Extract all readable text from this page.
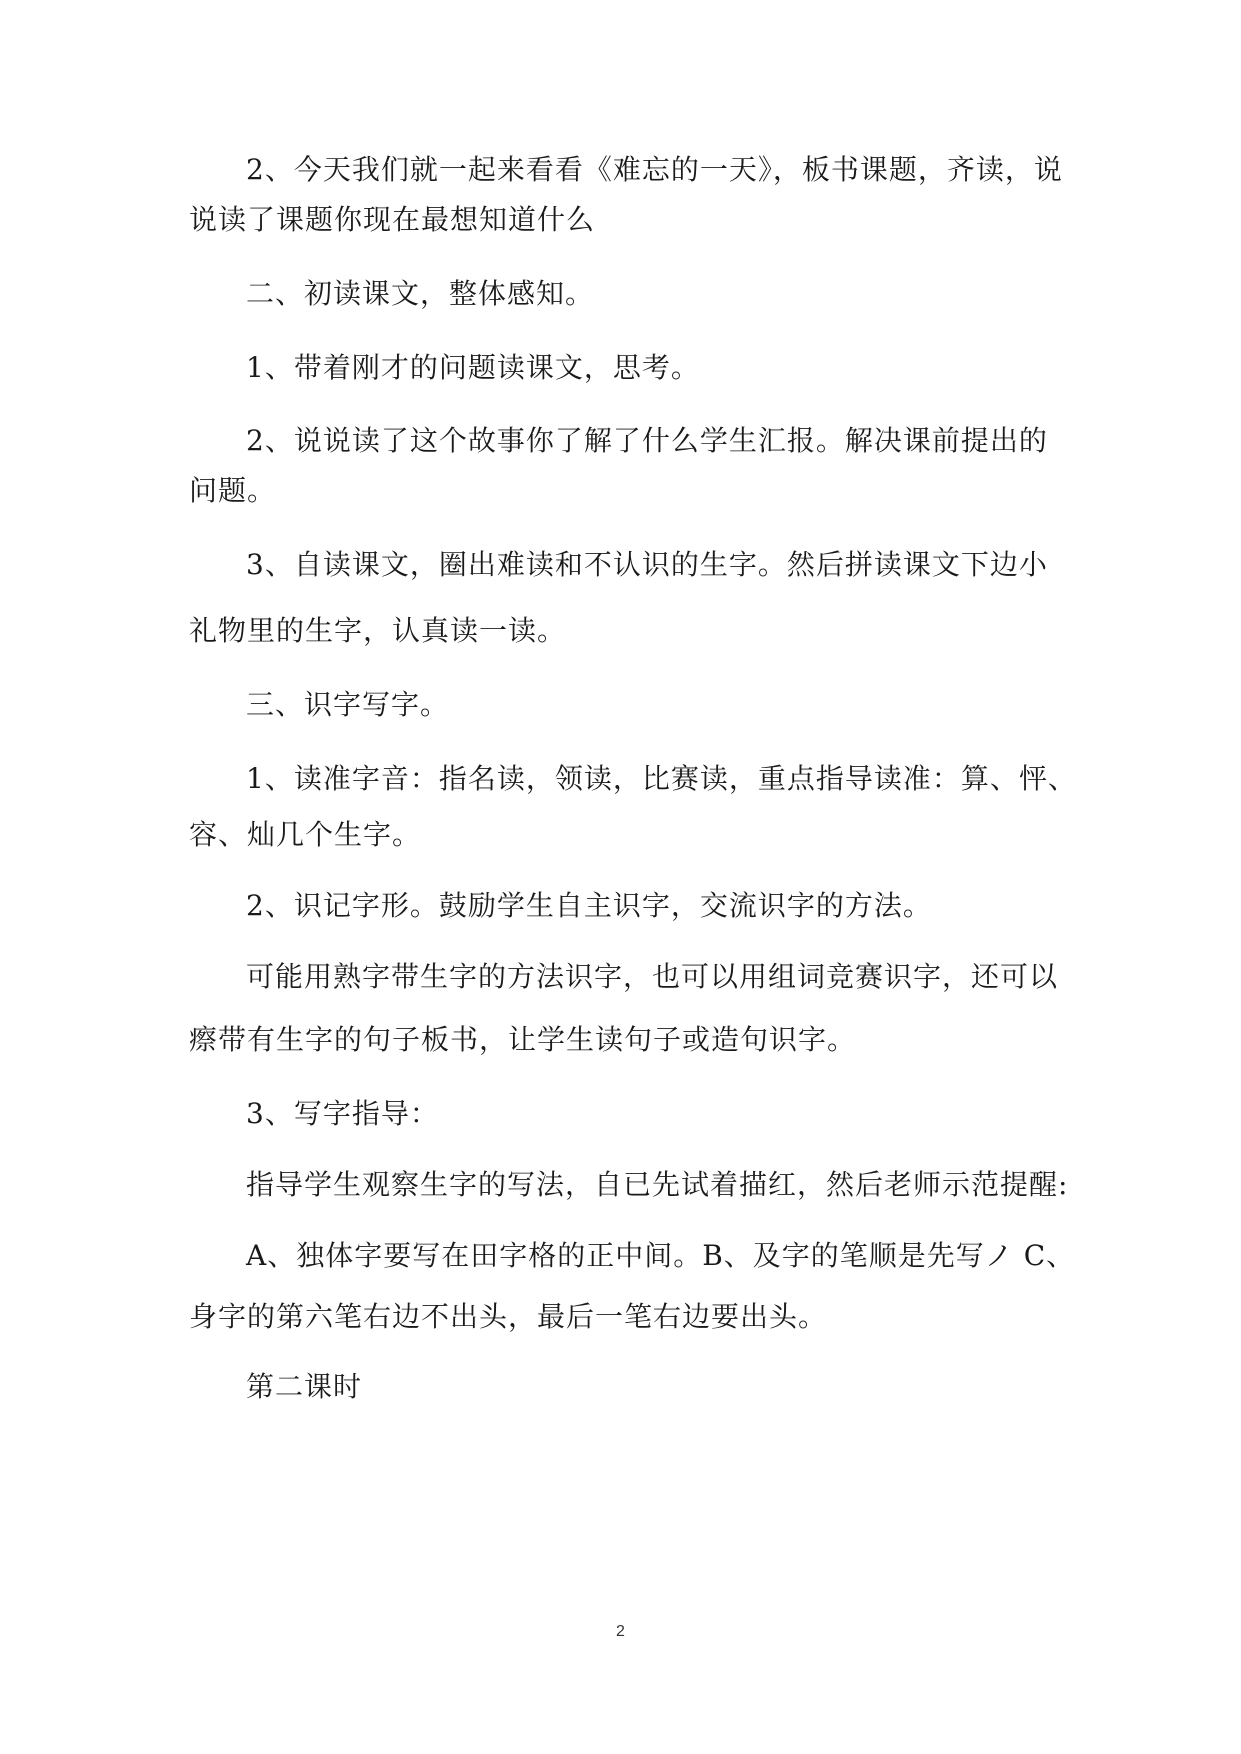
2、今天我们就一起来看看《难忘的一天》，板书课题，齐读，说
说读了课题你现在最想知道什么
二、初读课文，整体感知。
1、带着刚才的问题读课文，思考。
2、说说读了这个故事你了解了什么学生汇报。解决课前提出的
问题。
3、自读课文，圈出难读和不认识的生字。然后拼读课文下边小
礼物里的生字，认真读一读。
三、识字写字。
1、读准字音：指名读，领读，比赛读，重点指导读准：算、怦、
容、灿几个生字。
2、识记字形。鼓励学生自主识字，交流识字的方法。
可能用熟字带生字的方法识字，也可以用组词竞赛识字，还可以
瘵带有生字的句子板书，让学生读句子或造句识字。
3、写字指导：
指导学生观察生字的写法，自已先试着描红，然后老师示范提醒:
A、独体字要写在田字格的正中间。B、及字的笔顺是先写ノ C、
身字的第六笔右边不出头，最后一笔右边要出头。
第二课时
2
